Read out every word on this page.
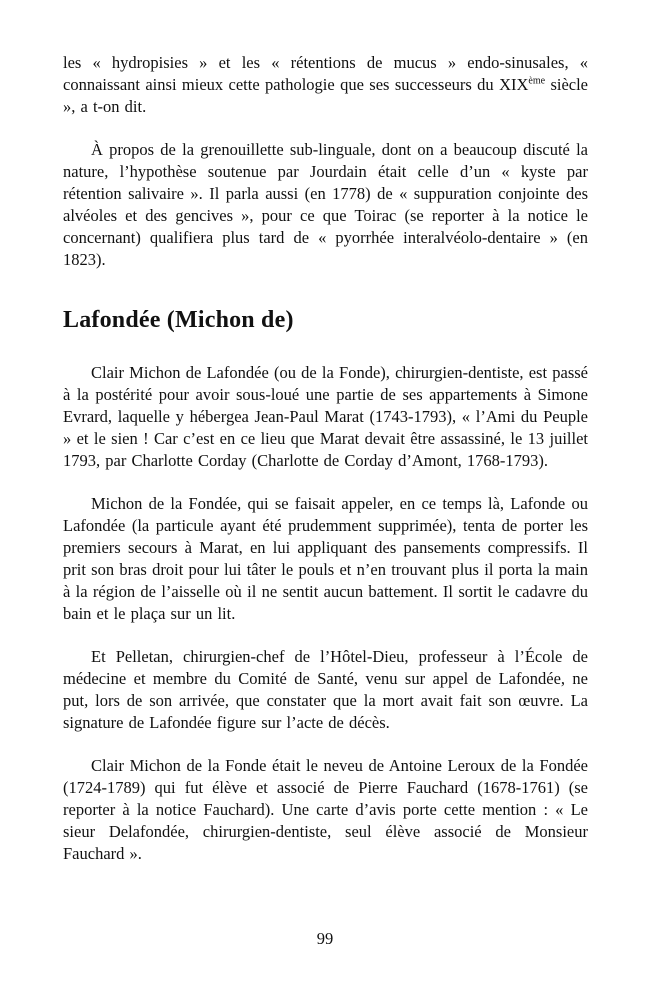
les « hydropisies » et les « rétentions de mucus » endo-sinusales, « connaissant ainsi mieux cette pathologie que ses successeurs du XIXème siècle », a t-on dit.

À propos de la grenouillette sub-linguale, dont on a beaucoup discuté la nature, l’hypothèse soutenue par Jourdain était celle d’un « kyste par rétention salivaire ». Il parla aussi (en 1778) de « suppuration conjointe des alvéoles et des gencives », pour ce que Toirac (se reporter à la notice le concernant) qualifiera plus tard de « pyorrhée interalvéolo-dentaire » (en 1823).

Lafondée (Michon de)

Clair Michon de Lafondée (ou de la Fonde), chirurgien-dentiste, est passé à la postérité pour avoir sous-loué une partie de ses appartements à Simone Evrard, laquelle y hébergea Jean-Paul Marat (1743-1793), « l’Ami du Peuple » et le sien ! Car c’est en ce lieu que Marat devait être assassiné, le 13 juillet 1793, par Charlotte Corday (Charlotte de Corday d’Amont, 1768-1793).

Michon de la Fondée, qui se faisait appeler, en ce temps là, Lafonde ou Lafondée (la particule ayant été prudemment supprimée), tenta de porter les premiers secours à Marat, en lui appliquant des pansements compressifs. Il prit son bras droit pour lui tâter le pouls et n’en trouvant plus il porta la main à la région de l’aisselle où il ne sentit aucun battement. Il sortit le cadavre du bain et le plaça sur un lit.

Et Pelletan, chirurgien-chef de l’Hôtel-Dieu, professeur à l’École de médecine et membre du Comité de Santé, venu sur appel de Lafondée, ne put, lors de son arrivée, que constater que la mort avait fait son œuvre. La signature de Lafondée figure sur l’acte de décès.

Clair Michon de la Fonde était le neveu de Antoine Leroux de la Fondée (1724-1789) qui fut élève et associé de Pierre Fauchard (1678-1761) (se reporter à la notice Fauchard). Une carte d’avis porte cette mention : « Le sieur Delafondée, chirurgien-dentiste, seul élève associé de Monsieur Fauchard ».

99
